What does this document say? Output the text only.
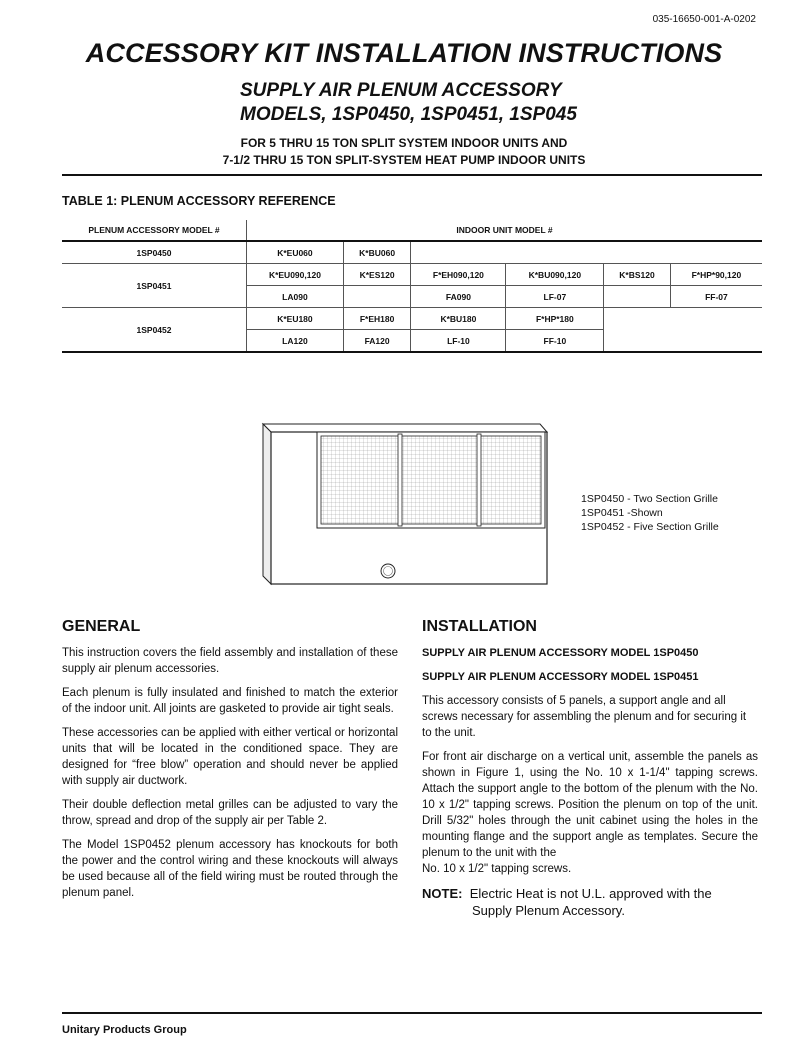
035-16650-001-A-0202
ACCESSORY KIT INSTALLATION INSTRUCTIONS
SUPPLY AIR PLENUM ACCESSORY
MODELS, 1SP0450, 1SP0451, 1SP045
FOR 5 THRU 15 TON SPLIT SYSTEM INDOOR UNITS AND
7-1/2 THRU 15 TON SPLIT-SYSTEM HEAT PUMP INDOOR UNITS
TABLE 1: PLENUM ACCESSORY REFERENCE
PLENUM ACCESSORY MODEL #	INDOOR UNIT MODEL #					
1SP0450	K*EU060	K*BU060				
1SP0451	K*EU090,120	K*ES120	F*EH090,120	K*BU090,120	K*BS120	F*HP*90,120
	LA090		FA090	LF-07		FF-07
1SP0452	K*EU180	F*EH180	K*BU180	F*HP*180		
	LA120	FA120	LF-10	FF-10		
1SP0450 - Two Section Grille
1SP0451 -Shown
1SP0452 - Five Section Grille
GENERAL

This instruction covers the field assembly and installation of these supply air plenum accessories.

Each plenum is fully insulated and finished to match the exterior of the indoor unit. All joints are gasketed to provide air tight seals.

These accessories can be applied with either vertical or horizontal units that will be located in the conditioned space. They are designed for “free blow” operation and should never be applied with supply air ductwork.

Their double deflection metal grilles can be adjusted to vary the throw, spread and drop of the supply air per Table 2.

The Model 1SP0452 plenum accessory has knockouts for both the power and the control wiring and these knockouts will always be used because all of the field wiring must be routed through the plenum panel.

INSTALLATION

SUPPLY AIR PLENUM ACCESSORY MODEL 1SP0450

SUPPLY AIR PLENUM ACCESSORY MODEL 1SP0451

This accessory consists of 5 panels, a support angle and all screws necessary for assembling the plenum and for securing it to the unit.

For front air discharge on a vertical unit, assemble the panels as shown in Figure 1, using the No. 10 x 1-1/4" tapping screws. Attach the support angle to the bottom of the plenum with the No. 10 x 1/2" tapping screws. Position the plenum on top of the unit. Drill 5/32" holes through the unit cabinet using the holes in the mounting flange and the support angle as templates. Secure the plenum to the unit with the

No. 10 x 1/2" tapping screws.

NOTE: Electric Heat is not U.L. approved with the
Supply Plenum Accessory.
Unitary Products Group
